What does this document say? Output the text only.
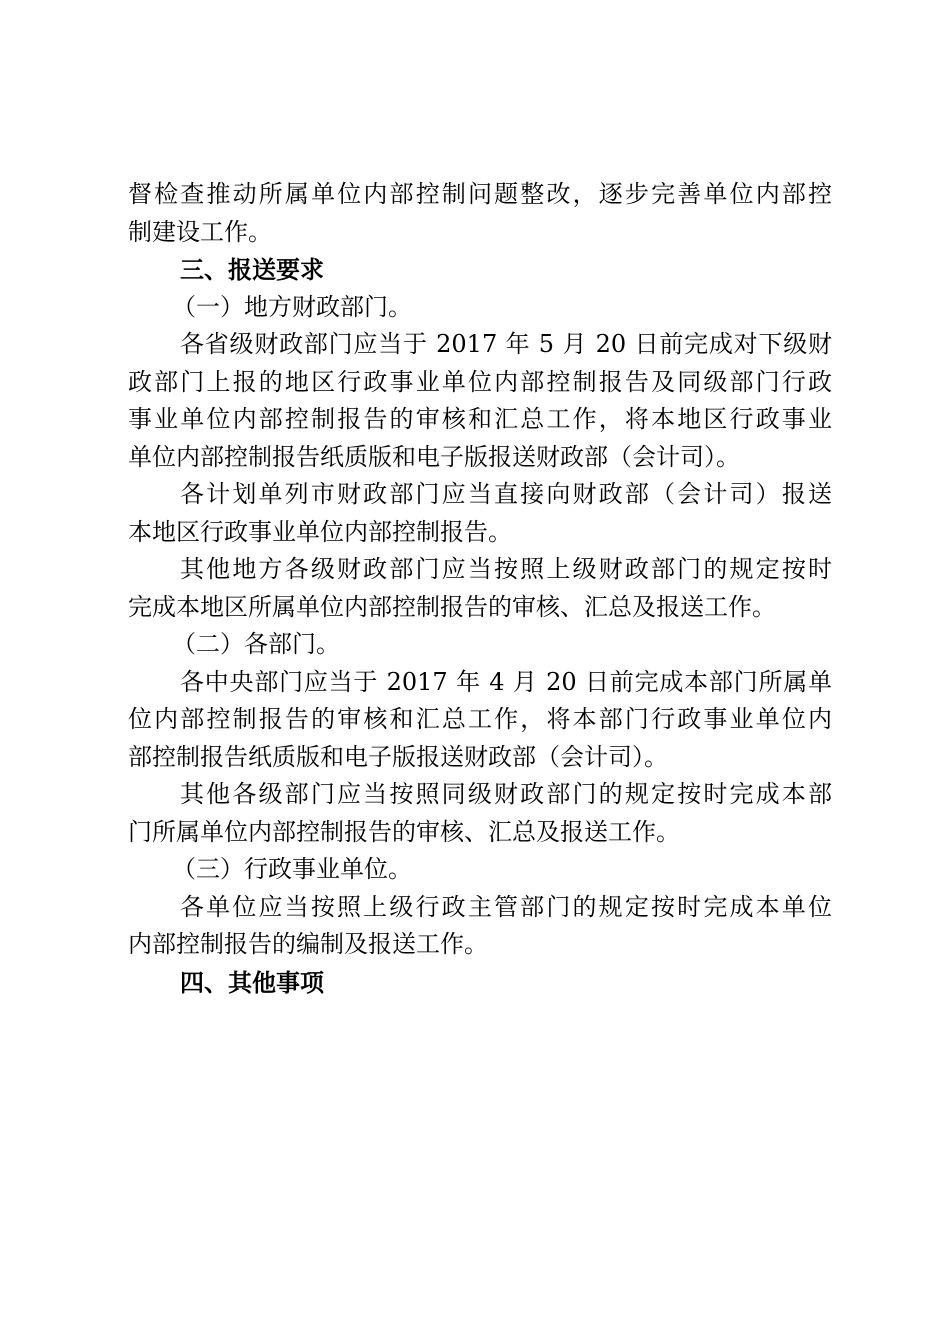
督检查推动所属单位内部控制问题整改，逐步完善单位内部控
制建设工作。
三、报送要求
（一）地方财政部门。
各省级财政部门应当于 2017 年 5 月 20 日前完成对下级财
政部门上报的地区行政事业单位内部控制报告及同级部门行政
事业单位内部控制报告的审核和汇总工作，将本地区行政事业
单位内部控制报告纸质版和电子版报送财政部（会计司）。
各计划单列市财政部门应当直接向财政部（会计司）报送
本地区行政事业单位内部控制报告。
其他地方各级财政部门应当按照上级财政部门的规定按时
完成本地区所属单位内部控制报告的审核、汇总及报送工作。
（二）各部门。
各中央部门应当于 2017 年 4 月 20 日前完成本部门所属单
位内部控制报告的审核和汇总工作，将本部门行政事业单位内
部控制报告纸质版和电子版报送财政部（会计司）。
其他各级部门应当按照同级财政部门的规定按时完成本部
门所属单位内部控制报告的审核、汇总及报送工作。
（三）行政事业单位。
各单位应当按照上级行政主管部门的规定按时完成本单位
内部控制报告的编制及报送工作。
四、其他事项
